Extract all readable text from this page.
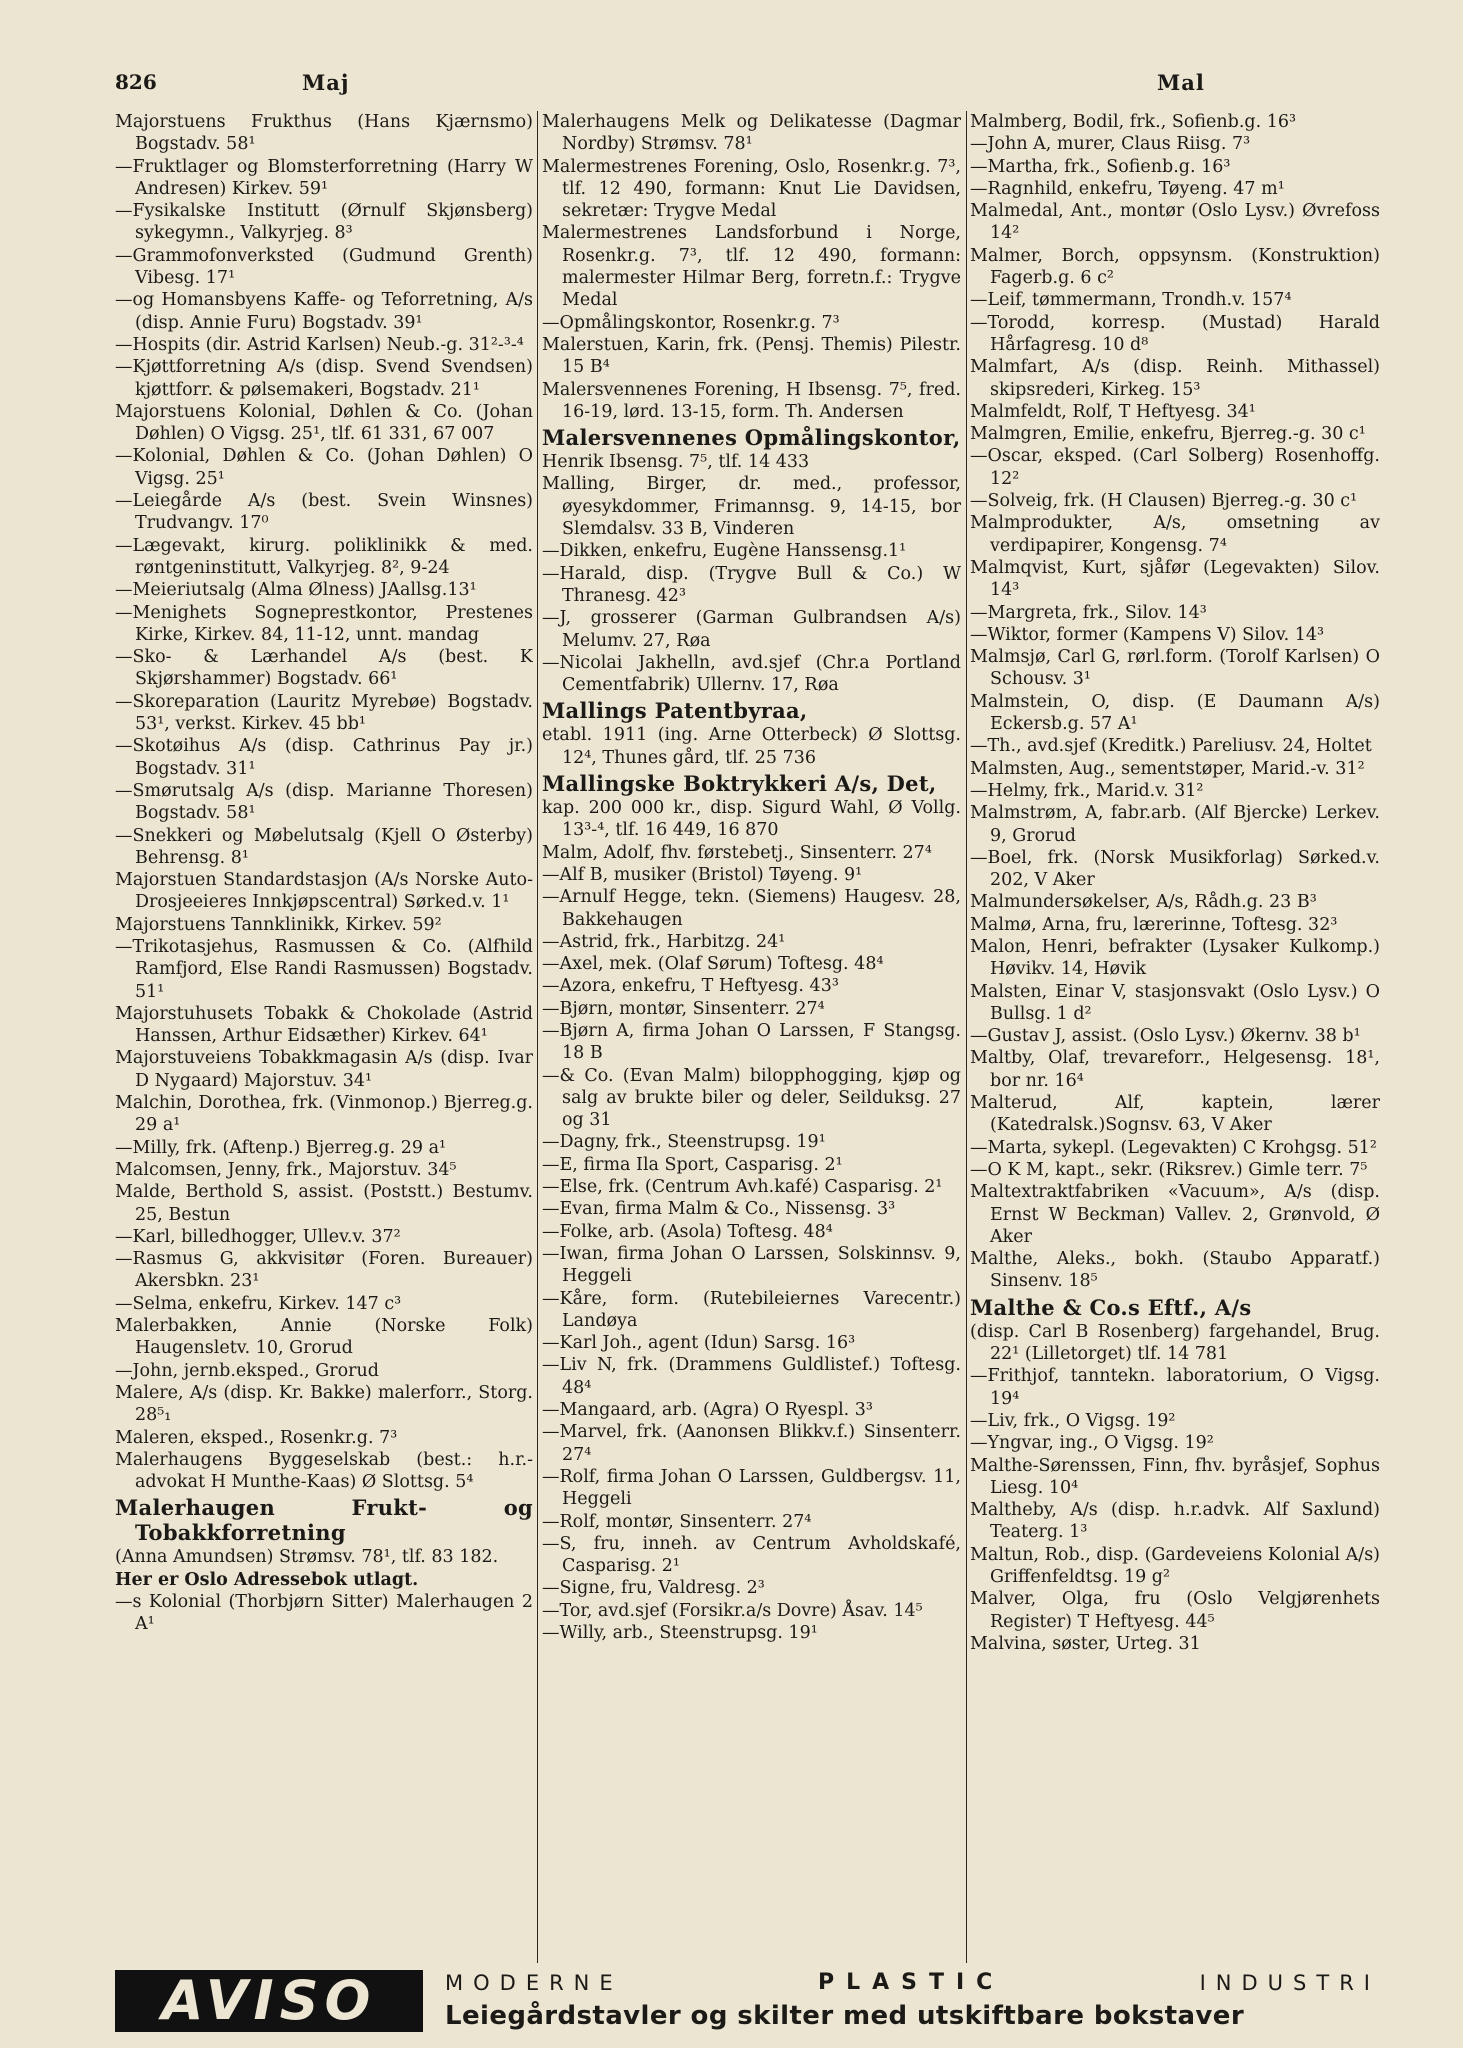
826	Maj	Mal
Majorstuens Frukthus (Hans Kjærnsmo) Bogstadv. 58¹
—Fruktlager og Blomsterforretning (Harry W Andresen) Kirkev. 59¹
—Fysikalske Institutt (Ørnulf Skjønsberg) sykegymn., Valkyrjeg. 8³
—Grammofonverksted (Gudmund Grenth) Vibesg. 17¹
—og Homansbyens Kaffe- og Teforretning, A/s (disp. Annie Furu) Bogstadv. 39¹
—Hospits (dir. Astrid Karlsen) Neub.-g. 31²-³-⁴
—Kjøttforretning A/s (disp. Svend Svendsen) kjøttforr. & pølsemakeri, Bogstadv. 21¹
Majorstuens Kolonial, Døhlen & Co. (Johan Døhlen) O Vigsg. 25¹, tlf. 61 331, 67 007
—Kolonial, Døhlen & Co. (Johan Døhlen) O Vigsg. 25¹
—Leiegårde A/s (best. Svein Winsnes) Trudvangv. 17⁰
—Lægevakt, kirurg. poliklinikk & med. røntgeninstitutt, Valkyrjeg. 8², 9-24
—Meieriutsalg (Alma Ølness) JAallsg.13¹
—Menighets Sogneprestkontor, Prestenes Kirke, Kirkev. 84, 11-12, unnt. mandag
—Sko- & Lærhandel A/s (best. K Skjørshammer) Bogstadv. 66¹
—Skoreparation (Lauritz Myrebøe) Bogstadv. 53¹, verkst. Kirkev. 45 bb¹
—Skotøihus A/s (disp. Cathrinus Pay jr.) Bogstadv. 31¹
—Smørutsalg A/s (disp. Marianne Thoresen) Bogstadv. 58¹
—Snekkeri og Møbelutsalg (Kjell O Østerby) Behrensg. 8¹
Majorstuen Standardstasjon (A/s Norske Auto- Drosjeeieres Innkjøpscentral) Sørked.v. 1¹
Majorstuens Tannklinikk, Kirkev. 59²
—Trikotasjehus, Rasmussen & Co. (Alfhild Ramfjord, Else Randi Rasmussen) Bogstadv. 51¹
Majorstuhusets Tobakk & Chokolade (Astrid Hanssen, Arthur Eidsæther) Kirkev. 64¹
Majorstuveiens Tobakkmagasin A/s (disp. Ivar D Nygaard) Majorstuv. 34¹
Malchin, Dorothea, frk. (Vinmonop.) Bjerreg.g. 29 a¹
—Milly, frk. (Aftenp.) Bjerreg.g. 29 a¹
Malcomsen, Jenny, frk., Majorstuv. 34⁵
Malde, Berthold S, assist. (Poststt.) Bestumv. 25, Bestun
—Karl, billedhogger, Ullev.v. 37²
—Rasmus G, akkvisitør (Foren. Bureauer) Akersbkn. 23¹
—Selma, enkefru, Kirkev. 147 c³
Malerbakken, Annie (Norske Folk) Haugensletv. 10, Grorud
—John, jernb.eksped., Grorud
Malere, A/s (disp. Kr. Bakke) malerforr., Storg. 28⁵₁
Maleren, eksped., Rosenkr.g. 7³
Malerhaugens Byggeselskab (best.: h.r.-advokat H Munthe-Kaas) Ø Slottsg. 5⁴
Malerhaugen Frukt- og Tobakkforretning
(Anna Amundsen) Strømsv. 78¹, tlf. 83 182.
Her er Oslo Adressebok utlagt.
—s Kolonial (Thorbjørn Sitter) Malerhaugen 2 A¹
Malerhaugens Melk og Delikatesse (Dagmar Nordby) Strømsv. 78¹
Malermestrenes Forening, Oslo, Rosenkr.g. 7³, tlf. 12 490, formann: Knut Lie Davidsen, sekretær: Trygve Medal
Malermestrenes Landsforbund i Norge, Rosenkr.g. 7³, tlf. 12 490, formann: malermester Hilmar Berg, forretn.f.: Trygve Medal
—Opmålingskontor, Rosenkr.g. 7³
Malerstuen, Karin, frk. (Pensj. Themis) Pilestr. 15 B⁴
Malersvennenes Forening, H Ibsensg. 7⁵, fred. 16-19, lørd. 13-15, form. Th. Andersen
Malersvennenes Opmålingskontor,
Henrik Ibsensg. 7⁵, tlf. 14 433
Malling, Birger, dr. med., professor, øyesykdommer, Frimannsg. 9, 14-15, bor Slemdalsv. 33 B, Vinderen
—Dikken, enkefru, Eugène Hanssensg.1¹
—Harald, disp. (Trygve Bull & Co.) W Thranesg. 42³
—J, grosserer (Garman Gulbrandsen A/s) Melumv. 27, Røa
—Nicolai Jakhelln, avd.sjef (Chr.a Portland Cementfabrik) Ullernv. 17, Røa
Mallings Patentbyraa,
etabl. 1911 (ing. Arne Otterbeck) Ø Slottsg. 12⁴, Thunes gård, tlf. 25 736
Mallingske Boktrykkeri A/s, Det,
kap. 200 000 kr., disp. Sigurd Wahl, Ø Vollg. 13³-⁴, tlf. 16 449, 16 870
Malm, Adolf, fhv. førstebetj., Sinsenterr. 27⁴
—Alf B, musiker (Bristol) Tøyeng. 9¹
—Arnulf Hegge, tekn. (Siemens) Haugesv. 28, Bakkehaugen
—Astrid, frk., Harbitzg. 24¹
—Axel, mek. (Olaf Sørum) Toftesg. 48⁴
—Azora, enkefru, T Heftyesg. 43³
—Bjørn, montør, Sinsenterr. 27⁴
—Bjørn A, firma Johan O Larssen, F Stangsg. 18 B
—& Co. (Evan Malm) bilopphogging, kjøp og salg av brukte biler og deler, Seilduksg. 27 og 31
—Dagny, frk., Steenstrupsg. 19¹
—E, firma Ila Sport, Casparisg. 2¹
—Else, frk. (Centrum Avh.kafé) Casparisg. 2¹
—Evan, firma Malm & Co., Nissensg. 3³
—Folke, arb. (Asola) Toftesg. 48⁴
—Iwan, firma Johan O Larssen, Solskinnsv. 9, Heggeli
—Kåre, form. (Rutebileiernes Varecentr.) Landøya
—Karl Joh., agent (Idun) Sarsg. 16³
—Liv N, frk. (Drammens Guldlistef.) Toftesg. 48⁴
—Mangaard, arb. (Agra) O Ryespl. 3³
—Marvel, frk. (Aanonsen Blikkv.f.) Sinsenterr. 27⁴
—Rolf, firma Johan O Larssen, Guldbergsv. 11, Heggeli
—Rolf, montør, Sinsenterr. 27⁴
—S, fru, inneh. av Centrum Avholdskafé, Casparisg. 2¹
—Signe, fru, Valdresg. 2³
—Tor, avd.sjef (Forsikr.a/s Dovre) Åsav. 14⁵
—Willy, arb., Steenstrupsg. 19¹
Malmberg, Bodil, frk., Sofienb.g. 16³
—John A, murer, Claus Riisg. 7³
—Martha, frk., Sofienb.g. 16³
—Ragnhild, enkefru, Tøyeng. 47 m¹
Malmedal, Ant., montør (Oslo Lysv.) Øvrefoss 14²
Malmer, Borch, oppsynsm. (Konstruktion) Fagerb.g. 6 c²
—Leif, tømmermann, Trondh.v. 157⁴
—Torodd, korresp. (Mustad) Harald Hårfagresg. 10 d⁸
Malmfart, A/s (disp. Reinh. Mithassel) skipsrederi, Kirkeg. 15³
Malmfeldt, Rolf, T Heftyesg. 34¹
Malmgren, Emilie, enkefru, Bjerreg.-g. 30 c¹
—Oscar, eksped. (Carl Solberg) Rosenhoffg. 12²
—Solveig, frk. (H Clausen) Bjerreg.-g. 30 c¹
Malmprodukter, A/s, omsetning av verdipapirer, Kongensg. 7⁴
Malmqvist, Kurt, sjåfør (Legevakten) Silov. 14³
—Margreta, frk., Silov. 14³
—Wiktor, former (Kampens V) Silov. 14³
Malmsjø, Carl G, rørl.form. (Torolf Karlsen) O Schousv. 3¹
Malmstein, O, disp. (E Daumann A/s) Eckersb.g. 57 A¹
—Th., avd.sjef (Kreditk.) Pareliusv. 24, Holtet
Malmsten, Aug., sementstøper, Marid.-v. 31²
—Helmy, frk., Marid.v. 31²
Malmstrøm, A, fabr.arb. (Alf Bjercke) Lerkev. 9, Grorud
—Boel, frk. (Norsk Musikforlag) Sørked.v. 202, V Aker
Malmundersøkelser, A/s, Rådh.g. 23 B³
Malmø, Arna, fru, lærerinne, Toftesg. 32³
Malon, Henri, befrakter (Lysaker Kulkomp.) Høvikv. 14, Høvik
Malsten, Einar V, stasjonsvakt (Oslo Lysv.) O Bullsg. 1 d²
—Gustav J, assist. (Oslo Lysv.) Økernv. 38 b¹
Maltby, Olaf, trevareforr., Helgesensg. 18¹, bor nr. 16⁴
Malterud, Alf, kaptein, lærer (Katedralsk.)Sognsv. 63, V Aker
—Marta, sykepl. (Legevakten) C Krohgsg. 51²
—O K M, kapt., sekr. (Riksrev.) Gimle terr. 7⁵
Maltextraktfabriken «Vacuum», A/s (disp. Ernst W Beckman) Vallev. 2, Grønvold, Ø Aker
Malthe, Aleks., bokh. (Staubo Apparatf.) Sinsenv. 18⁵
Malthe & Co.s Eftf., A/s
(disp. Carl B Rosenberg) fargehandel, Brug. 22¹ (Lilletorget) tlf. 14 781
—Frithjof, tanntekn. laboratorium, O Vigsg. 19⁴
—Liv, frk., O Vigsg. 19²
—Yngvar, ing., O Vigsg. 19²
Malthe-Sørenssen, Finn, fhv. byråsjef, Sophus Liesg. 10⁴
Maltheby, A/s (disp. h.r.advk. Alf Saxlund) Teaterg. 1³
Maltun, Rob., disp. (Gardeveiens Kolonial A/s) Griffenfeldtsg. 19 g²
Malver, Olga, fru (Oslo Velgjørenhets Register) T Heftyesg. 44⁵
Malvina, søster, Urteg. 31
AVISO	MODERNE	PLASTIC	INDUSTRI
Leiegårdstavler og skilter med utskiftbare bokstaver
